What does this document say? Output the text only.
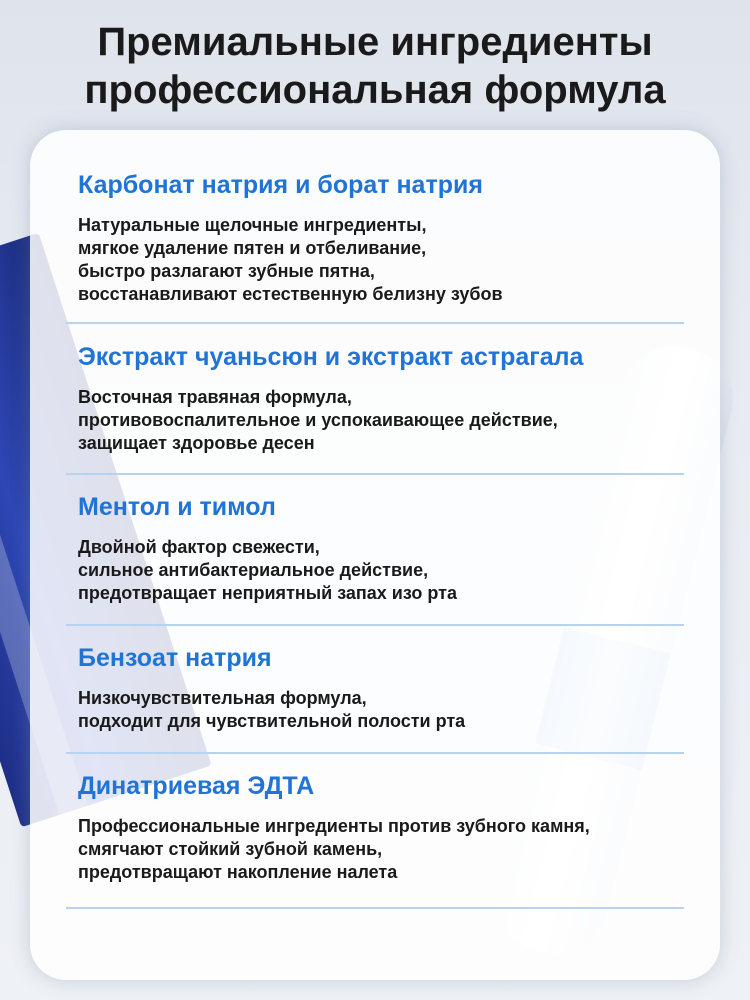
Премиальные ингредиенты
профессиональная формула
Карбонат натрия и борат натрия

Натуральные щелочные ингредиенты,
мягкое удаление пятен и отбеливание,
быстро разлагают зубные пятна,
восстанавливают естественную белизну зубов

Экстракт чуаньсюн и экстракт астрагала

Восточная травяная формула,
противовоспалительное и успокаивающее действие,
защищает здоровье десен

Ментол и тимол

Двойной фактор свежести,
сильное антибактериальное действие,
предотвращает неприятный запах изо рта

Бензоат натрия

Низкочувствительная формула,
подходит для чувствительной полости рта

Динатриевая ЭДТА

Профессиональные ингредиенты против зубного камня,
смягчают стойкий зубной камень,
предотвращают накопление налета
